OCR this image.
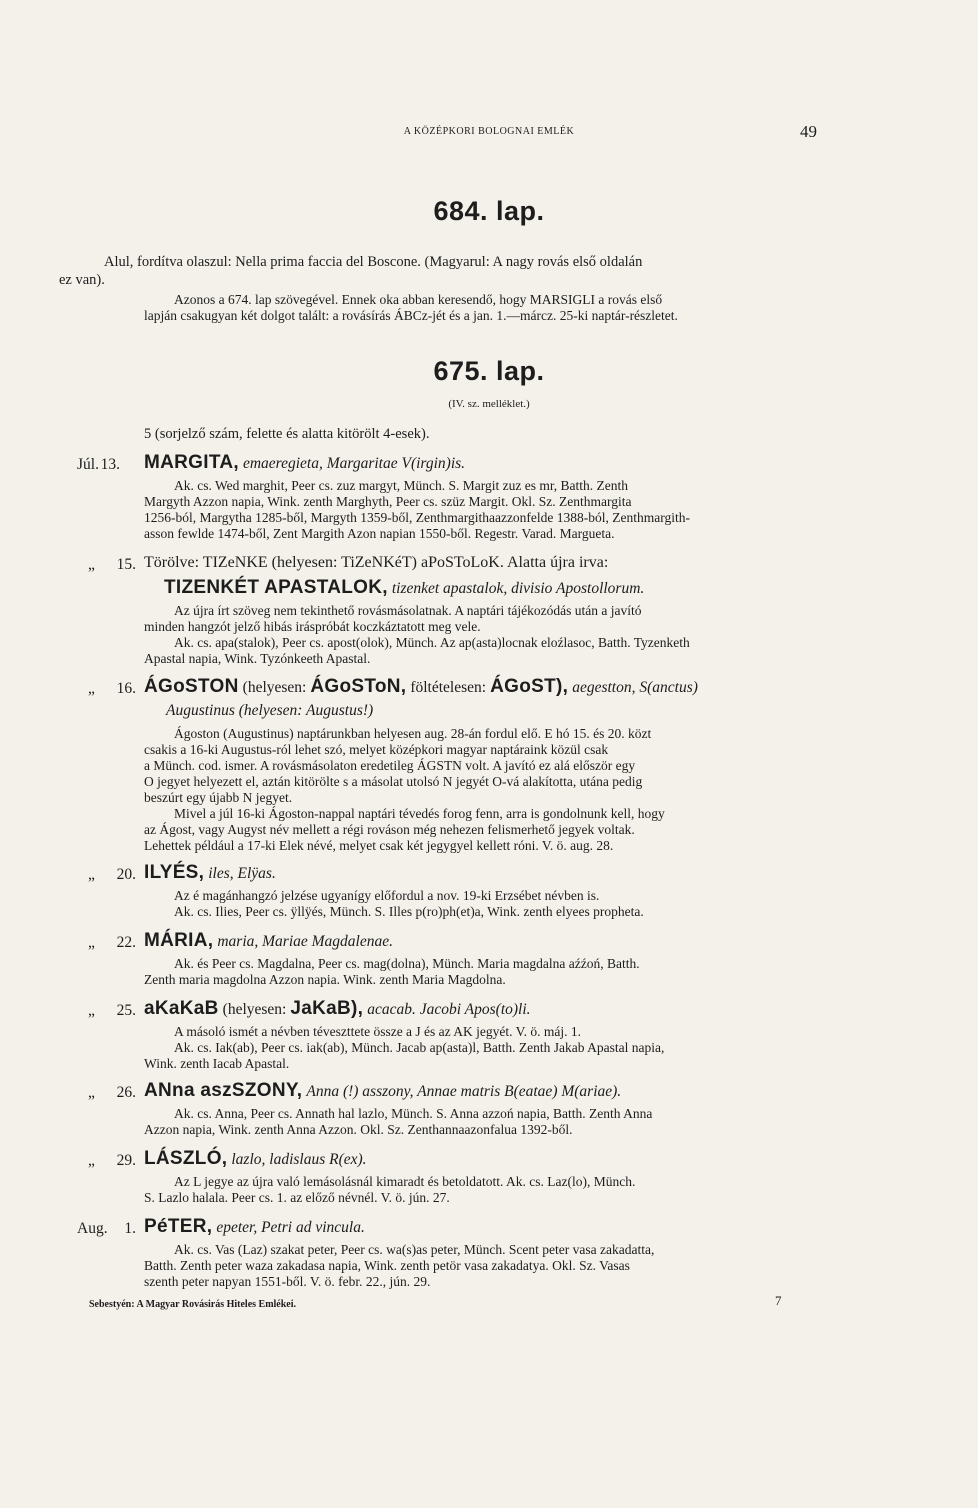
A KÖZÉPKORI BOLOGNAI EMLÉK	49
684. lap.
Alul, fordítva olaszul: Nella prima faccia del Boscone. (Magyarul: A nagy rovás első oldalán
ez van).
Azonos a 674. lap szövegével. Ennek oka abban keresendő, hogy MARSIGLI a rovás első
lapján csakugyan két dolgot talált: a rovásírás ÁBCz-jét és a jan. 1.—márcz. 25-ki naptár-részletet.
675. lap.
(IV. sz. melléklet.)
5 (sorjelző szám, felette és alatta kitörölt 4-esek).
Júl. 13. MARGITA, emaeregieta, Margaritae V(irgin)is.
Ak. cs. Wed marghit, Peer cs. zuz margyt, Münch. S. Margit zuz es mr, Batth. Zenth
Margyth Azzon napia, Wink. zenth Marghyth, Peer cs. szüz Margit. Okl. Sz. Zenthmargita
1256-ból, Margytha 1285-ből, Margyth 1359-ből, Zenthmargithaazzonfelde 1388-ból, Zenthmargith-
asson fewlde 1474-ből, Zent Margith Azon napian 1550-ből. Regestr. Varad. Margueta.
„	15. Törölve: TIZeNKE (helyesen: TiZeNKéT) aPoSToLoK. Alatta újra irva:
TIZENKÉT APASTALOK, tizenket apastalok, divisio Apostollorum.
Az újra írt szöveg nem tekinthető rovásmásolatnak. A naptári tájékozódás után a javító
minden hangzót jelző hibás iráspróbát koczkáztatott meg vele.
Ak. cs. apa(stalok), Peer cs. apost(olok), Münch. Az ap(asta)locnak eloźlasoc, Batth. Tyzenketh
Apastal napia, Wink. Tyzónkeeth Apastal.
„	16. ÁGoSTON (helyesen: ÁGoSToN, föltételesen: ÁGoST), aegestton, S(anctus)
Augustinus (helyesen: Augustus!)
Ágoston (Augustinus) naptárunkban helyesen aug. 28-án fordul elő. E hó 15. és 20. közt
csakis a 16-ki Augustus-ról lehet szó, melyet középkori magyar naptáraink közül csak
a Münch. cod. ismer. A rovásmásolaton eredetileg ÁGSTN volt. A javító ez alá először egy
O jegyet helyezett el, aztán kitörölte s a másolat utolsó N jegyét O-vá alakította, utána pedig
beszúrt egy újabb N jegyet.
Mivel a júl 16-ki Ágoston-nappal naptári tévedés forog fenn, arra is gondolnunk kell, hogy
az Ágost, vagy Augyst név mellett a régi rováson még nehezen felismerhető jegyek voltak.
Lehettek például a 17-ki Elek névé, melyet csak két jegygyel kellett róni. V. ö. aug. 28.
„	20. ILYÉS, iles, Elÿas.
Az é magánhangzó jelzése ugyanígy előfordul a nov. 19-ki Erzsébet névben is.
Ak. cs. Ilies, Peer cs. ÿllÿés, Münch. S. Illes p(ro)ph(et)a, Wink. zenth elyees propheta.
„	22. MÁRIA, maria, Mariae Magdalenae.
Ak. és Peer cs. Magdalna, Peer cs. mag(dolna), Münch. Maria magdalna aźźoń, Batth.
Zenth maria magdolna Azzon napia. Wink. zenth Maria Magdolna.
„	25. aKaKaB (helyesen: JaKaB), acacab. Jacobi Apos(to)li.
A másoló ismét a névben téveszttete össze a J és az AK jegyét. V. ö. máj. 1.
Ak. cs. Iak(ab), Peer cs. iak(ab), Münch. Jacab ap(asta)l, Batth. Zenth Jakab Apastal napia,
Wink. zenth Iacab Apastal.
„	26. ANna aszSZONY, Anna (!) asszony, Annae matris B(eatae) M(ariae).
Ak. cs. Anna, Peer cs. Annath hal lazlo, Münch. S. Anna azzoń napia, Batth. Zenth Anna
Azzon napia, Wink. zenth Anna Azzon. Okl. Sz. Zenthannaazonfalua 1392-ből.
„	29. LÁSZLÓ, lazlo, ladislaus R(ex).
Az L jegye az újra való lemásolásnál kimaradt és betoldatott. Ak. cs. Laz(lo), Münch.
S. Lazlo halala. Peer cs. 1. az előző névnél. V. ö. jún. 27.
Aug.	1. PéTER, epeter, Petri ad vincula.
Ak. cs. Vas (Laz) szakat peter, Peer cs. wa(s)as peter, Münch. Scent peter vasa zakadatta,
Batth. Zenth peter waza zakadasa napia, Wink. zenth petör vasa zakadatya. Okl. Sz. Vasas
szenth peter napyan 1551-ből. V. ö. febr. 22., jún. 29.
Sebestyén: A Magyar Rovásirás Hiteles Emlékei.	7
